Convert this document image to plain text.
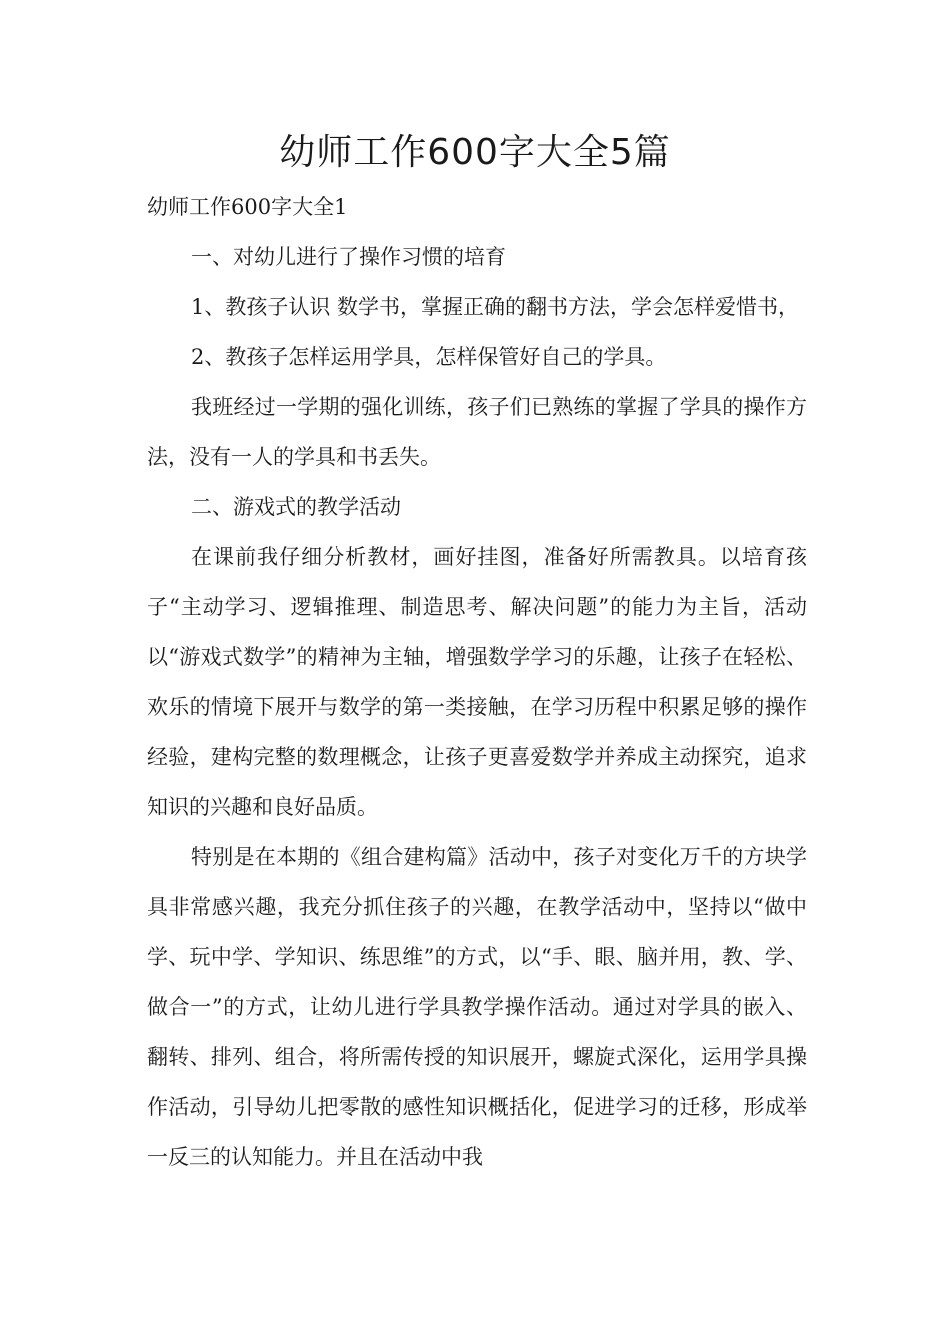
幼师工作600字大全5篇

幼师工作600字大全1

一、对幼儿进行了操作习惯的培育

1、教孩子认识 数学书，掌握正确的翻书方法，学会怎样爱惜书，

2、教孩子怎样运用学具，怎样保管好自己的学具。

我班经过一学期的强化训练，孩子们已熟练的掌握了学具的操作方法，没有一人的学具和书丢失。

二、游戏式的教学活动

在课前我仔细分析教材，画好挂图，准备好所需教具。以培育孩子“主动学习、逻辑推理、制造思考、解决问题”的能力为主旨，活动以“游戏式数学”的精神为主轴，增强数学学习的乐趣，让孩子在轻松、欢乐的情境下展开与数学的第一类接触，在学习历程中积累足够的操作经验，建构完整的数理概念，让孩子更喜爱数学并养成主动探究，追求知识的兴趣和良好品质。

特别是在本期的《组合建构篇》活动中，孩子对变化万千的方块学具非常感兴趣，我充分抓住孩子的兴趣，在教学活动中，坚持以“做中学、玩中学、学知识、练思维”的方式，以“手、眼、脑并用，教、学、做合一”的方式，让幼儿进行学具教学操作活动。通过对学具的嵌入、翻转、排列、组合，将所需传授的知识展开，螺旋式深化，运用学具操作活动，引导幼儿把零散的感性知识概括化，促进学习的迁移，形成举一反三的认知能力。并且在活动中我
